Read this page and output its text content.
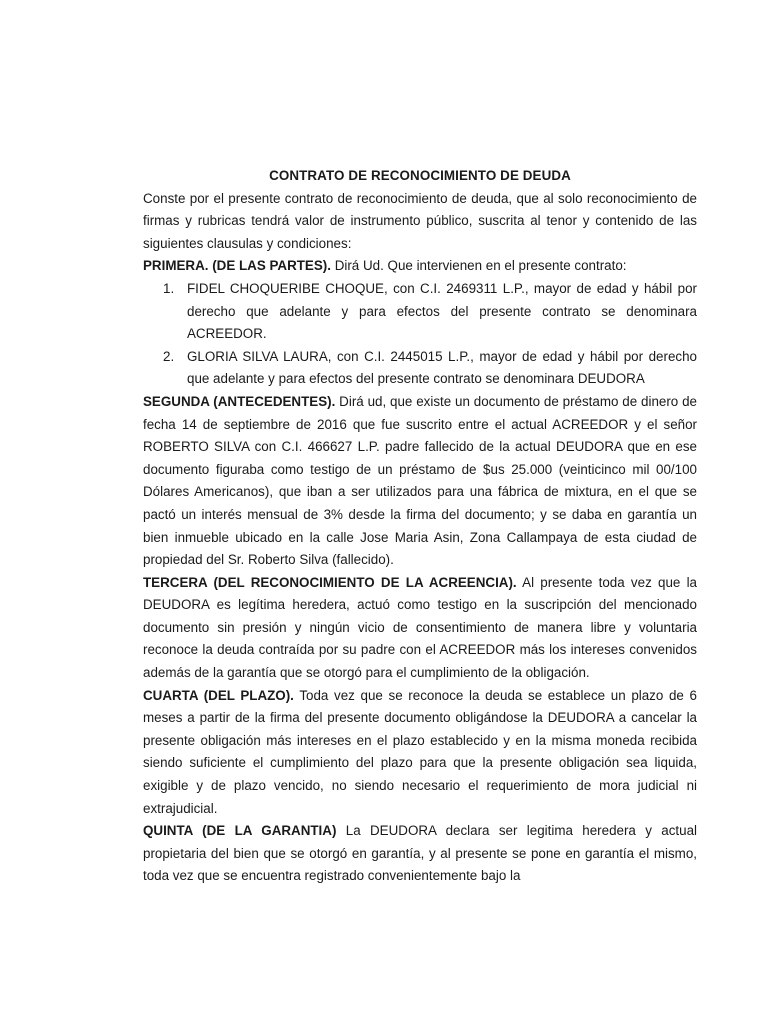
CONTRATO DE RECONOCIMIENTO DE DEUDA

Conste por el presente contrato de reconocimiento de deuda, que al solo reconocimiento de firmas y rubricas tendrá valor de instrumento público, suscrita al tenor y contenido de las siguientes clausulas y condiciones:

PRIMERA. (DE LAS PARTES). Dirá Ud. Que intervienen en el presente contrato:

1. FIDEL CHOQUERIBE CHOQUE, con C.I. 2469311 L.P., mayor de edad y hábil por derecho que adelante y para efectos del presente contrato se denominara ACREEDOR.
2. GLORIA SILVA LAURA, con C.I. 2445015 L.P., mayor de edad y hábil por derecho que adelante y para efectos del presente contrato se denominara DEUDORA

SEGUNDA (ANTECEDENTES). Dirá ud, que existe un documento de préstamo de dinero de fecha 14 de septiembre de 2016 que fue suscrito entre el actual ACREEDOR y el señor ROBERTO SILVA con C.I. 466627 L.P. padre fallecido de la actual DEUDORA que en ese documento figuraba como testigo de un préstamo de $us 25.000 (veinticinco mil 00/100 Dólares Americanos), que iban a ser utilizados para una fábrica de mixtura, en el que se pactó un interés mensual de 3% desde la firma del documento; y se daba en garantía un bien inmueble ubicado en la calle Jose Maria Asin, Zona Callampaya de esta ciudad de propiedad del Sr. Roberto Silva (fallecido).

TERCERA (DEL RECONOCIMIENTO DE LA ACREENCIA). Al presente toda vez que la DEUDORA es legítima heredera, actuó como testigo en la suscripción del mencionado documento sin presión y ningún vicio de consentimiento de manera libre y voluntaria reconoce la deuda contraída por su padre con el ACREEDOR más los intereses convenidos además de la garantía que se otorgó para el cumplimiento de la obligación.

CUARTA (DEL PLAZO). Toda vez que se reconoce la deuda se establece un plazo de 6 meses a partir de la firma del presente documento obligándose la DEUDORA a cancelar la presente obligación más intereses en el plazo establecido y en la misma moneda recibida siendo suficiente el cumplimiento del plazo para que la presente obligación sea liquida, exigible y de plazo vencido, no siendo necesario el requerimiento de mora judicial ni extrajudicial.

QUINTA (DE LA GARANTIA) La DEUDORA declara ser legitima heredera y actual propietaria del bien que se otorgó en garantía, y al presente se pone en garantía el mismo, toda vez que se encuentra registrado convenientemente bajo la
